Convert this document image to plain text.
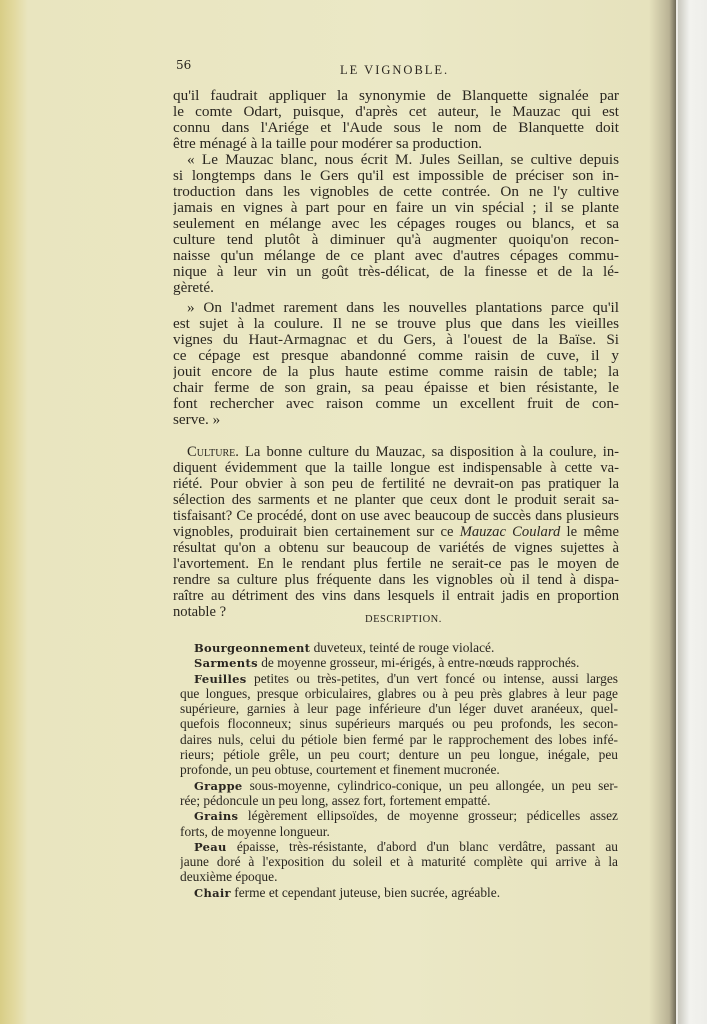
56	LE VIGNOBLE.
qu'il faudrait appliquer la synonymie de Blanquette signalée par
le comte Odart, puisque, d'après cet auteur, le Mauzac qui est
connu dans l'Ariége et l'Aude sous le nom de Blanquette doit
être ménagé à la taille pour modérer sa production.
« Le Mauzac blanc, nous écrit M. Jules Seillan, se cultive depuis
si longtemps dans le Gers qu'il est impossible de préciser son in-
troduction dans les vignobles de cette contrée. On ne l'y cultive
jamais en vignes à part pour en faire un vin spécial ; il se plante
seulement en mélange avec les cépages rouges ou blancs, et sa
culture tend plutôt à diminuer qu'à augmenter quoiqu'on recon-
naisse qu'un mélange de ce plant avec d'autres cépages commu-
nique à leur vin un goût très-délicat, de la finesse et de la lé-
gèreté.
» On l'admet rarement dans les nouvelles plantations parce qu'il
est sujet à la coulure. Il ne se trouve plus que dans les vieilles
vignes du Haut-Armagnac et du Gers, à l'ouest de la Baïse. Si
ce cépage est presque abandonné comme raisin de cuve, il y
jouit encore de la plus haute estime comme raisin de table; la
chair ferme de son grain, sa peau épaisse et bien résistante, le
font rechercher avec raison comme un excellent fruit de con-
serve. »
Culture. La bonne culture du Mauzac, sa disposition à la coulure, in-
diquent évidemment que la taille longue est indispensable à cette va-
riété. Pour obvier à son peu de fertilité ne devrait-on pas pratiquer la
sélection des sarments et ne planter que ceux dont le produit serait sa-
tisfaisant? Ce procédé, dont on use avec beaucoup de succès dans plusieurs
vignobles, produirait bien certainement sur ce Mauzac Coulard le même
résultat qu'on a obtenu sur beaucoup de variétés de vignes sujettes à
l'avortement. En le rendant plus fertile ne serait-ce pas le moyen de
rendre sa culture plus fréquente dans les vignobles où il tend à dispa-
raître au détriment des vins dans lesquels il entrait jadis en proportion
notable ?	DESCRIPTION.
Bourgeonnement duveteux, teinté de rouge violacé.
Sarments de moyenne grosseur, mi-érigés, à entre-nœuds rapprochés.
Feuilles petites ou très-petites, d'un vert foncé ou intense, aussi larges
que longues, presque orbiculaires, glabres ou à peu près glabres à leur page
supérieure, garnies à leur page inférieure d'un léger duvet aranéeux, quel-
quefois floconneux; sinus supérieurs marqués ou peu profonds, les secon-
daires nuls, celui du pétiole bien fermé par le rapprochement des lobes infé-
rieurs; pétiole grêle, un peu court; denture un peu longue, inégale, peu
profonde, un peu obtuse, courtement et finement mucronée.
Grappe sous-moyenne, cylindrico-conique, un peu allongée, un peu ser-
rée; pédoncule un peu long, assez fort, fortement empatté.
Grains légèrement ellipsoïdes, de moyenne grosseur; pédicelles assez
forts, de moyenne longueur.
Peau épaisse, très-résistante, d'abord d'un blanc verdâtre, passant au
jaune doré à l'exposition du soleil et à maturité complète qui arrive à la
deuxième époque.
Chair ferme et cependant juteuse, bien sucrée, agréable.
